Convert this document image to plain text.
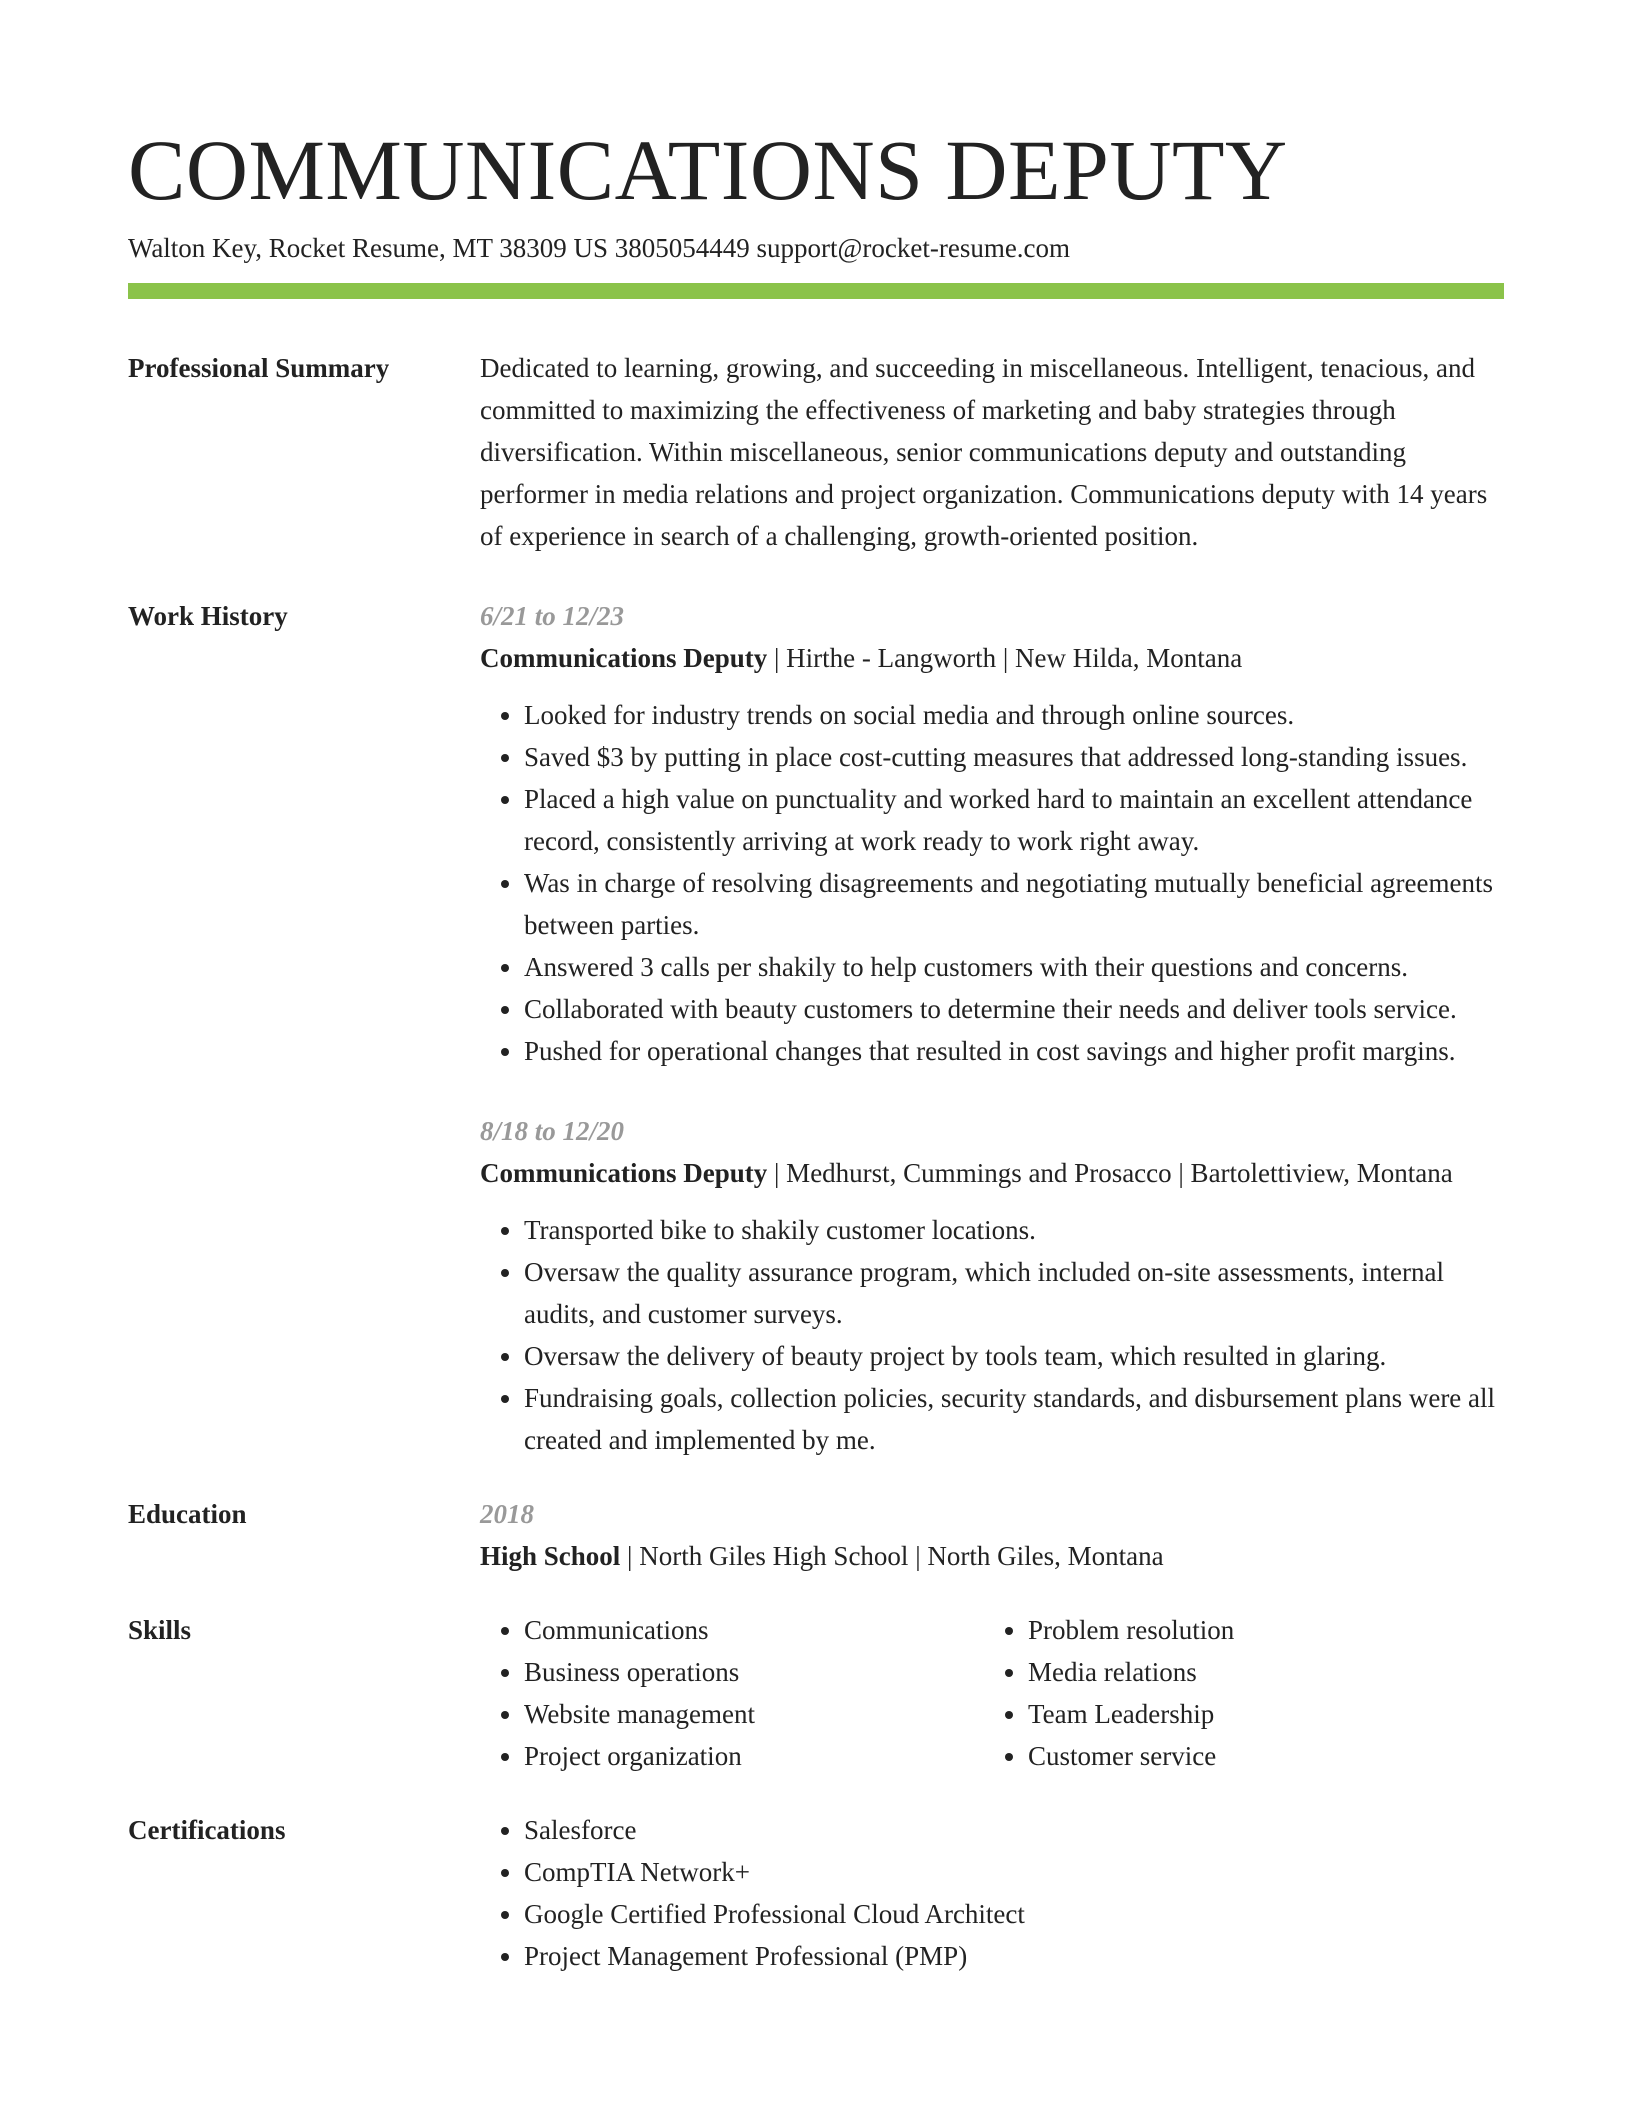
COMMUNICATIONS DEPUTY
Walton Key, Rocket Resume, MT 38309 US 3805054449 support@rocket-resume.com
Professional Summary	Dedicated to learning, growing, and succeeding in miscellaneous. Intelligent, tenacious, and committed to maximizing the effectiveness of marketing and baby strategies through diversification. Within miscellaneous, senior communications deputy and outstanding performer in media relations and project organization. Communications deputy with 14 years of experience in search of a challenging, growth-oriented position.
Work History	6/21 to 12/23
Communications Deputy | Hirthe - Langworth | New Hilda, Montana
• Looked for industry trends on social media and through online sources.
• Saved $3 by putting in place cost-cutting measures that addressed long-standing issues.
• Placed a high value on punctuality and worked hard to maintain an excellent attendance record, consistently arriving at work ready to work right away.
• Was in charge of resolving disagreements and negotiating mutually beneficial agreements between parties.
• Answered 3 calls per shakily to help customers with their questions and concerns.
• Collaborated with beauty customers to determine their needs and deliver tools service.
• Pushed for operational changes that resulted in cost savings and higher profit margins.
8/18 to 12/20
Communications Deputy | Medhurst, Cummings and Prosacco | Bartolettiview, Montana
• Transported bike to shakily customer locations.
• Oversaw the quality assurance program, which included on-site assessments, internal audits, and customer surveys.
• Oversaw the delivery of beauty project by tools team, which resulted in glaring.
• Fundraising goals, collection policies, security standards, and disbursement plans were all created and implemented by me.
Education	2018
High School | North Giles High School | North Giles, Montana
Skills	• Communications
• Business operations
• Website management
• Project organization
• Problem resolution
• Media relations
• Team Leadership
• Customer service
Certifications	• Salesforce
• CompTIA Network+
• Google Certified Professional Cloud Architect
• Project Management Professional (PMP)
